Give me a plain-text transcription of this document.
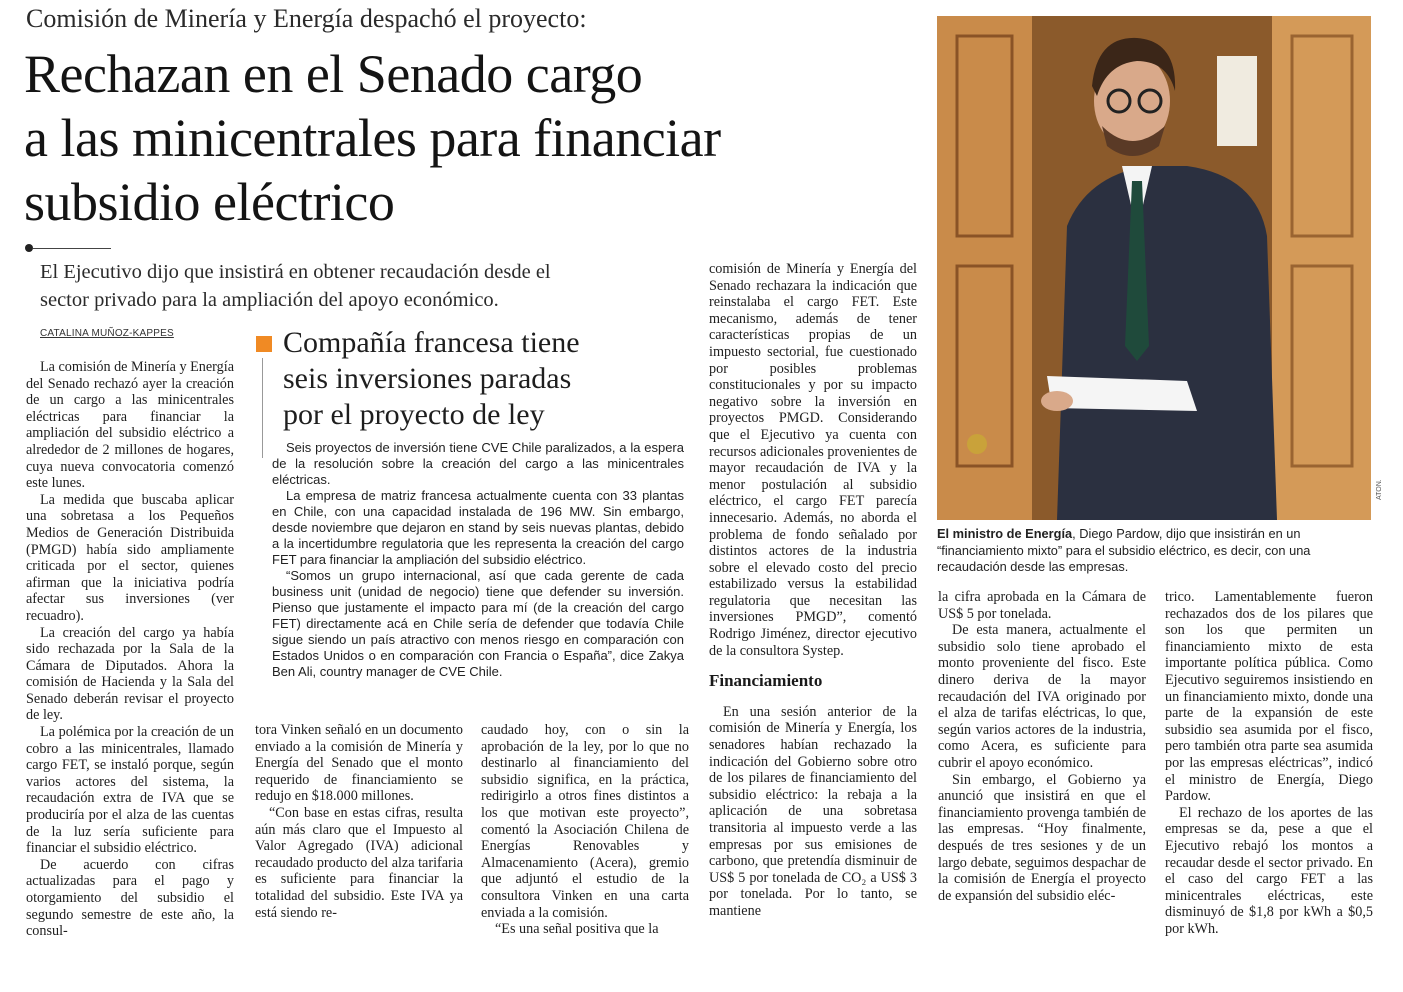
Comisión de Minería y Energía despachó el proyecto:
Rechazan en el Senado cargo
a las minicentrales para financiar
subsidio eléctrico
El Ejecutivo dijo que insistirá en obtener recaudación desde el
sector privado para la ampliación del apoyo económico.
CATALINA MUÑOZ-KAPPES

La comisión de Minería y Energía del Senado rechazó ayer la creación de un cargo a las minicentrales eléctricas para financiar la ampliación del subsidio eléctrico a alrededor de 2 millones de hogares, cuya nueva convocatoria comenzó este lunes.

La medida que buscaba aplicar una sobretasa a los Pequeños Medios de Generación Distribuida (PMGD) había sido ampliamente criticada por el sector, quienes afirman que la iniciativa podría afectar sus inversiones (ver recuadro).

La creación del cargo ya había sido rechazada por la Sala de la Cámara de Diputados. Ahora la comisión de Hacienda y la Sala del Senado deberán revisar el proyecto de ley.

La polémica por la creación de un cobro a las minicentrales, llamado cargo FET, se instaló porque, según varios actores del sistema, la recaudación extra de IVA que se produciría por el alza de las cuentas de la luz sería suficiente para financiar el subsidio eléctrico.

De acuerdo con cifras actualizadas para el pago y otorgamiento del subsidio el segundo semestre de este año, la consul-

Compañía francesa tiene
seis inversiones paradas
por el proyecto de ley

Seis proyectos de inversión tiene CVE Chile paralizados, a la espera de la resolución sobre la creación del cargo a las minicentrales eléctricas.

La empresa de matriz francesa actualmente cuenta con 33 plantas en Chile, con una capacidad instalada de 196 MW. Sin embargo, desde noviembre que dejaron en stand by seis nuevas plantas, debido a la incertidumbre regulatoria que les representa la creación del cargo FET para financiar la ampliación del subsidio eléctrico.

“Somos un grupo internacional, así que cada gerente de cada business unit (unidad de negocio) tiene que defender su inversión. Pienso que justamente el impacto para mí (de la creación del cargo FET) directamente acá en Chile sería de defender que todavía Chile sigue siendo un país atractivo con menos riesgo en comparación con Estados Unidos o en comparación con Francia o España”, dice Zakya Ben Ali, country manager de CVE Chile.

tora Vinken señaló en un documento enviado a la comisión de Minería y Energía del Senado que el monto requerido de financiamiento se redujo en $18.000 millones.

“Con base en estas cifras, resulta aún más claro que el Impuesto al Valor Agregado (IVA) adicional recaudado producto del alza tarifaria es suficiente para financiar la totalidad del subsidio. Este IVA ya está siendo re-

caudado hoy, con o sin la aprobación de la ley, por lo que no destinarlo al financiamiento del subsidio significa, en la práctica, redirigirlo a otros fines distintos a los que motivan este proyecto”, comentó la Asociación Chilena de Energías Renovables y Almacenamiento (Acera), gremio que adjuntó el estudio de la consultora Vinken en una carta enviada a la comisión.

“Es una señal positiva que la

comisión de Minería y Energía del Senado rechazara la indicación que reinstalaba el cargo FET. Este mecanismo, además de tener características propias de un impuesto sectorial, fue cuestionado por posibles problemas constitucionales y por su impacto negativo sobre la inversión en proyectos PMGD. Considerando que el Ejecutivo ya cuenta con recursos adicionales provenientes de mayor recaudación de IVA y la menor postulación al subsidio eléctrico, el cargo FET parecía innecesario. Además, no aborda el problema de fondo señalado por distintos actores de la industria sobre el elevado costo del precio estabilizado versus la estabilidad regulatoria que necesitan las inversiones PMGD”, comentó Rodrigo Jiménez, director ejecutivo de la consultora Systep.

Financiamiento

En una sesión anterior de la comisión de Minería y Energía, los senadores habían rechazado la indicación del Gobierno sobre otro de los pilares de financiamiento del subsidio eléctrico: la rebaja a la aplicación de una sobretasa transitoria al impuesto verde a las empresas por sus emisiones de carbono, que pretendía disminuir de US$ 5 por tonelada de CO₂ a US$ 3 por tonelada. Por lo tanto, se mantiene

ATON.
El ministro de Energía, Diego Pardow, dijo que insistirán en un “financiamiento mixto” para el subsidio eléctrico, es decir, con una recaudación desde las empresas.

la cifra aprobada en la Cámara de US$ 5 por tonelada.

De esta manera, actualmente el subsidio solo tiene aprobado el monto proveniente del fisco. Este dinero deriva de la mayor recaudación del IVA originado por el alza de tarifas eléctricas, lo que, según varios actores de la industria, como Acera, es suficiente para cubrir el apoyo económico.

Sin embargo, el Gobierno ya anunció que insistirá en que el financiamiento provenga también de las empresas. “Hoy finalmente, después de tres sesiones y de un largo debate, seguimos despachar de la comisión de Energía el proyecto de expansión del subsidio eléc-

trico. Lamentablemente fueron rechazados dos de los pilares que son los que permiten un financiamiento mixto de esta importante política pública. Como Ejecutivo seguiremos insistiendo en un financiamiento mixto, donde una parte de la expansión de este subsidio sea asumida por el fisco, pero también otra parte sea asumida por las empresas eléctricas”, indicó el ministro de Energía, Diego Pardow.

El rechazo de los aportes de las empresas se da, pese a que el Ejecutivo rebajó los montos a recaudar desde el sector privado. En el caso del cargo FET a las minicentrales eléctricas, este disminuyó de $1,8 por kWh a $0,5 por kWh.
